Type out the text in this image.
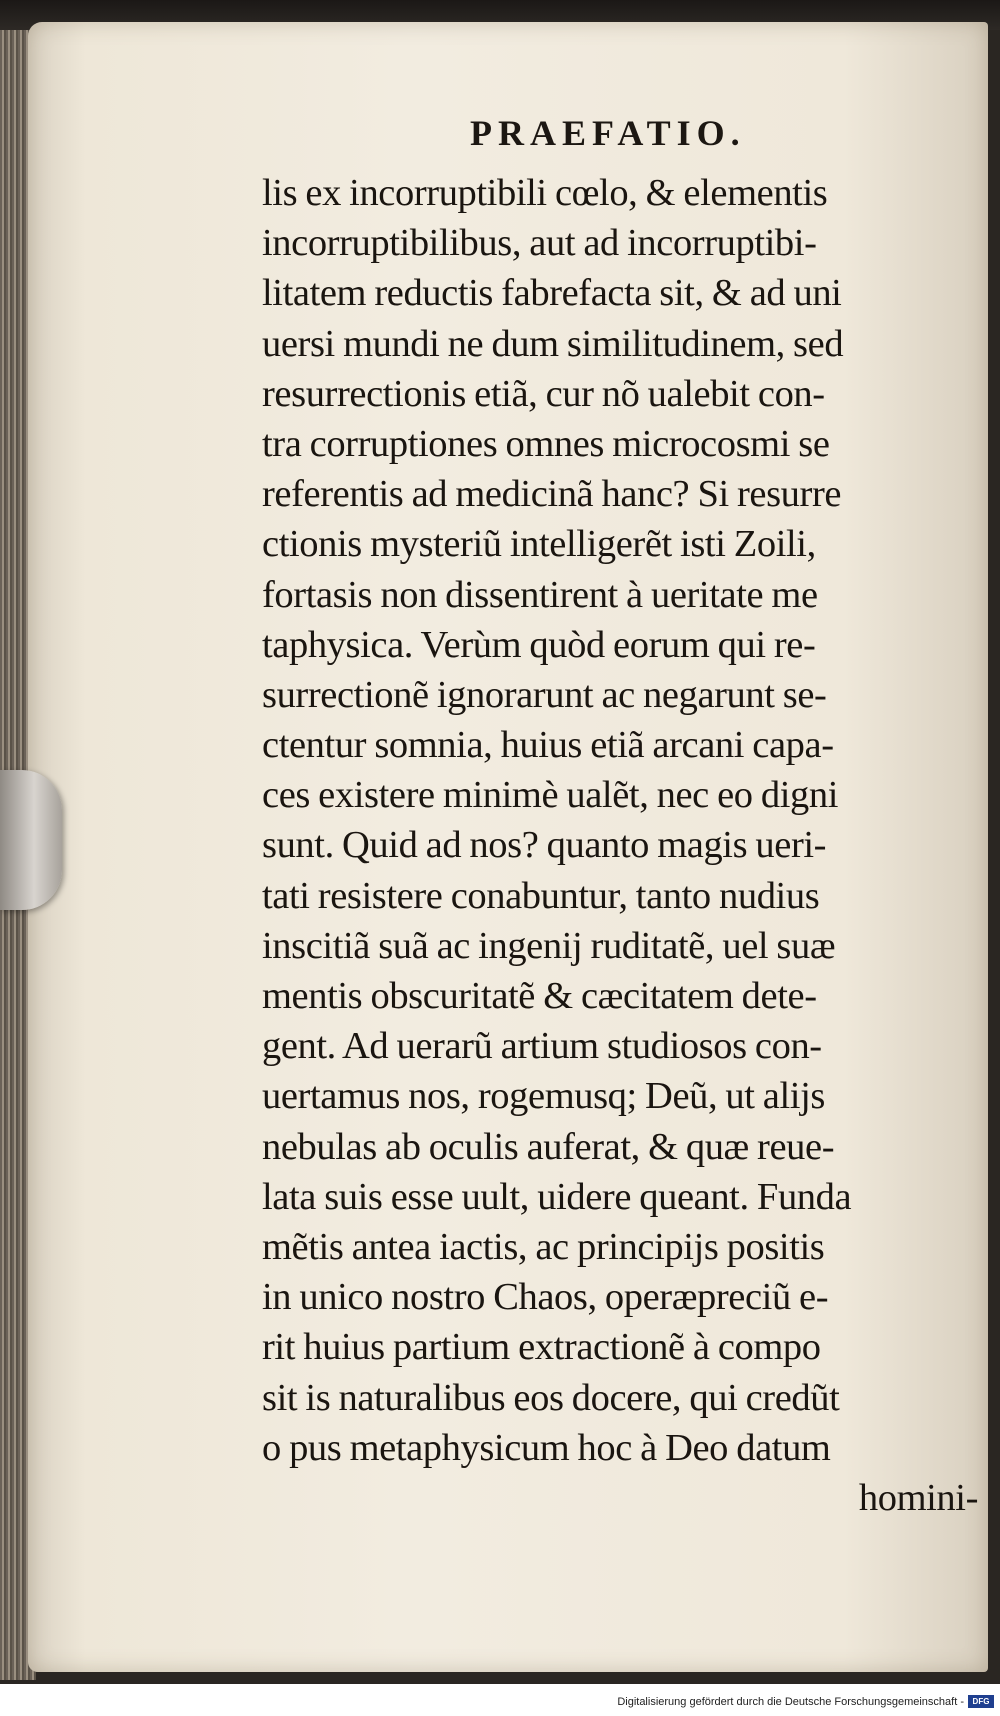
PRAEFATIO.
lis ex incorruptibili cœlo, & elementis
incorruptibilibus, aut ad incorruptibi-
litatem reductis fabrefacta sit, & ad uni
uersi mundi ne dum similitudinem, sed
resurrectionis etiã, cur nõ ualebit con-
tra corruptiones omnes microcosmi se
referentis ad medicinã hanc? Si resurre
ctionis mysteriũ intelligerẽt isti Zoili,
fortasis non dissentirent à ueritate me
taphysica. Verùm quòd eorum qui re-
surrectionẽ ignorarunt ac negarunt se-
ctentur somnia, huius etiã arcani capa-
ces existere minimè ualẽt, nec eo digni
sunt. Quid ad nos? quanto magis ueri-
tati resistere conabuntur, tanto nudius
inscitiã suã ac ingenij ruditatẽ, uel suæ
mentis obscuritatẽ & cæcitatem dete-
gent. Ad uerarũ artium studiosos con-
uertamus nos, rogemusq; Deũ, ut alijs
nebulas ab oculis auferat, & quæ reue-
lata suis esse uult, uidere queant. Funda
mẽtis antea iactis, ac principijs positis
in unico nostro Chaos, operæpreciũ e-
rit huius partium extractionẽ à compo
sit is naturalibus eos docere, qui credũt
o pus metaphysicum hoc à Deo datum
homini-
Digitalisierung gefördert durch die Deutsche Forschungsgemeinschaft -	DFG
